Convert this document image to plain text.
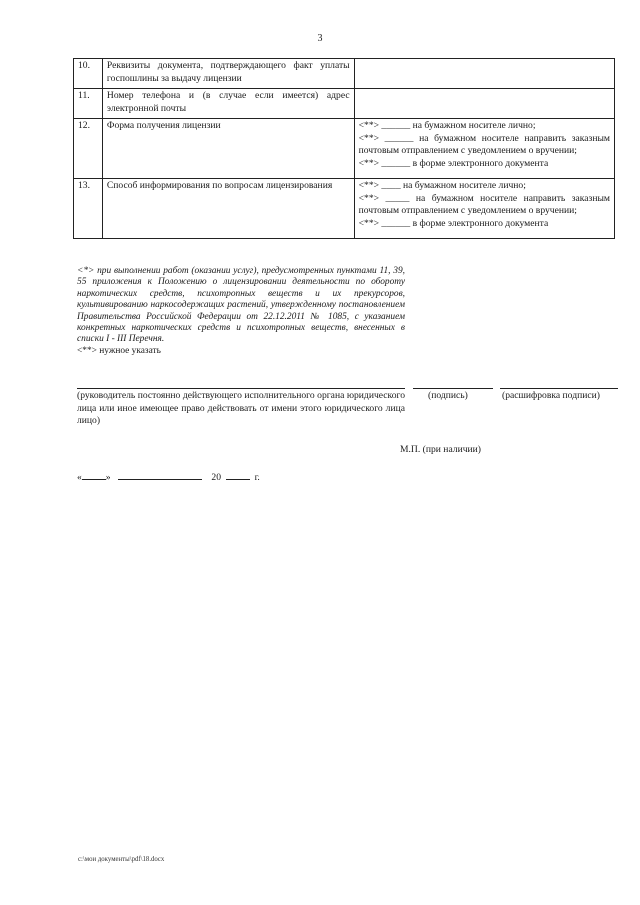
3
10.	Реквизиты документа, подтверждающего факт уплаты госпошлины за выдачу лицензии	
11.	Номер телефона и (в случае если имеется) адрес электронной почты	
12.	Форма получения лицензии	<**> ______ на бумажном носителе лично;
<**> ______ на бумажном носителе направить заказным почтовым отправлением с уведомлением о вручении;
<**> ______ в форме электронного документа

13.	Способ информирования по вопросам лицензирования	<**> ____ на бумажном носителе лично;
<**> _____ на бумажном носителе направить заказным почтовым отправлением с уведомлением о вручении;
<**> ______ в форме электронного документа
<*> при выполнении работ (оказании услуг), предусмотренных пунктами 11, 39, 55 приложения к Положению о лицензировании деятельности по обороту наркотических средств, психотропных веществ и их прекурсоров, культивированию наркосодержащих растений, утвержденному постановлением Правительства Российской Федерации от 22.12.2011 № 1085, с указанием конкретных наркотических средств и психотропных веществ, внесенных в списки I - III Перечня.
<**> нужное указать
(руководитель постоянно действующего исполнительного органа юридического лица или иное имеющее право действовать от имени этого юридического лица лицо)
(подпись)	(расшифровка подписи)
М.П. (при наличии)
«	»	20	г.
c:\мои документы\pdf\18.docx
